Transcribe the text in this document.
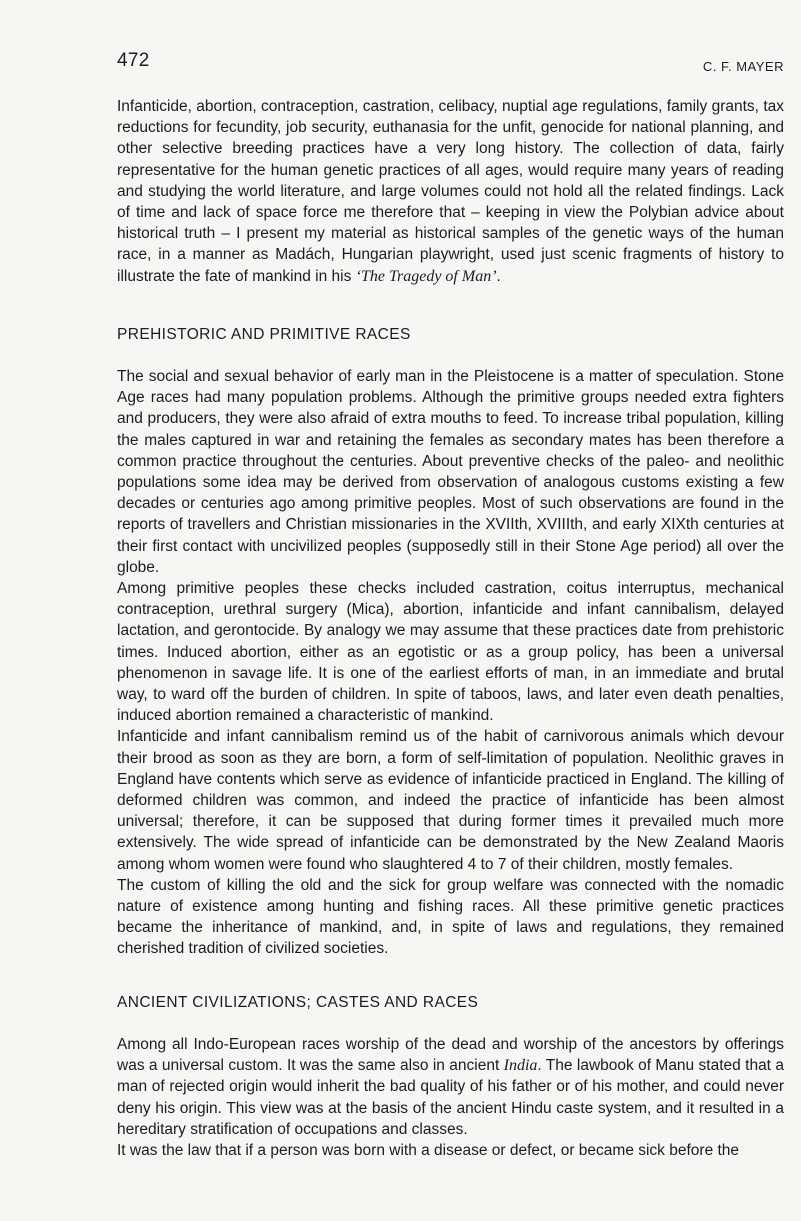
472	C. F. MAYER

Infanticide, abortion, contraception, castration, celibacy, nuptial age regulations, family grants, tax reductions for fecundity, job security, euthanasia for the unfit, genocide for national planning, and other selective breeding practices have a very long history. The collection of data, fairly representative for the human genetic practices of all ages, would require many years of reading and studying the world literature, and large volumes could not hold all the related findings. Lack of time and lack of space force me therefore that – keeping in view the Polybian advice about historical truth – I present my material as historical samples of the genetic ways of the human race, in a manner as Madách, Hungarian playwright, used just scenic fragments of history to illustrate the fate of mankind in his ‘The Tragedy of Man’.

PREHISTORIC AND PRIMITIVE RACES

The social and sexual behavior of early man in the Pleistocene is a matter of speculation. Stone Age races had many population problems. Although the primitive groups needed extra fighters and producers, they were also afraid of extra mouths to feed. To increase tribal population, killing the males captured in war and retaining the females as secondary mates has been therefore a common practice throughout the centuries. About preventive checks of the paleo- and neolithic populations some idea may be derived from observation of analogous customs existing a few decades or centuries ago among primitive peoples. Most of such observations are found in the reports of travellers and Christian missionaries in the XVIIth, XVIIIth, and early XIXth centuries at their first contact with uncivilized peoples (supposedly still in their Stone Age period) all over the globe.

Among primitive peoples these checks included castration, coitus interruptus, mechanical contraception, urethral surgery (Mica), abortion, infanticide and infant cannibalism, delayed lactation, and gerontocide. By analogy we may assume that these practices date from prehistoric times. Induced abortion, either as an egotistic or as a group policy, has been a universal phenomenon in savage life. It is one of the earliest efforts of man, in an immediate and brutal way, to ward off the burden of children. In spite of taboos, laws, and later even death penalties, induced abortion remained a characteristic of mankind.

Infanticide and infant cannibalism remind us of the habit of carnivorous animals which devour their brood as soon as they are born, a form of self-limitation of population. Neolithic graves in England have contents which serve as evidence of infanticide practiced in England. The killing of deformed children was common, and indeed the practice of infanticide has been almost universal; therefore, it can be supposed that during former times it prevailed much more extensively. The wide spread of infanticide can be demonstrated by the New Zealand Maoris among whom women were found who slaughtered 4 to 7 of their children, mostly females.

The custom of killing the old and the sick for group welfare was connected with the nomadic nature of existence among hunting and fishing races. All these primitive genetic practices became the inheritance of mankind, and, in spite of laws and regulations, they remained cherished tradition of civilized societies.

ANCIENT CIVILIZATIONS; CASTES AND RACES

Among all Indo-European races worship of the dead and worship of the ancestors by offerings was a universal custom. It was the same also in ancient India. The lawbook of Manu stated that a man of rejected origin would inherit the bad quality of his father or of his mother, and could never deny his origin. This view was at the basis of the ancient Hindu caste system, and it resulted in a hereditary stratification of occupations and classes.

It was the law that if a person was born with a disease or defect, or became sick before the
